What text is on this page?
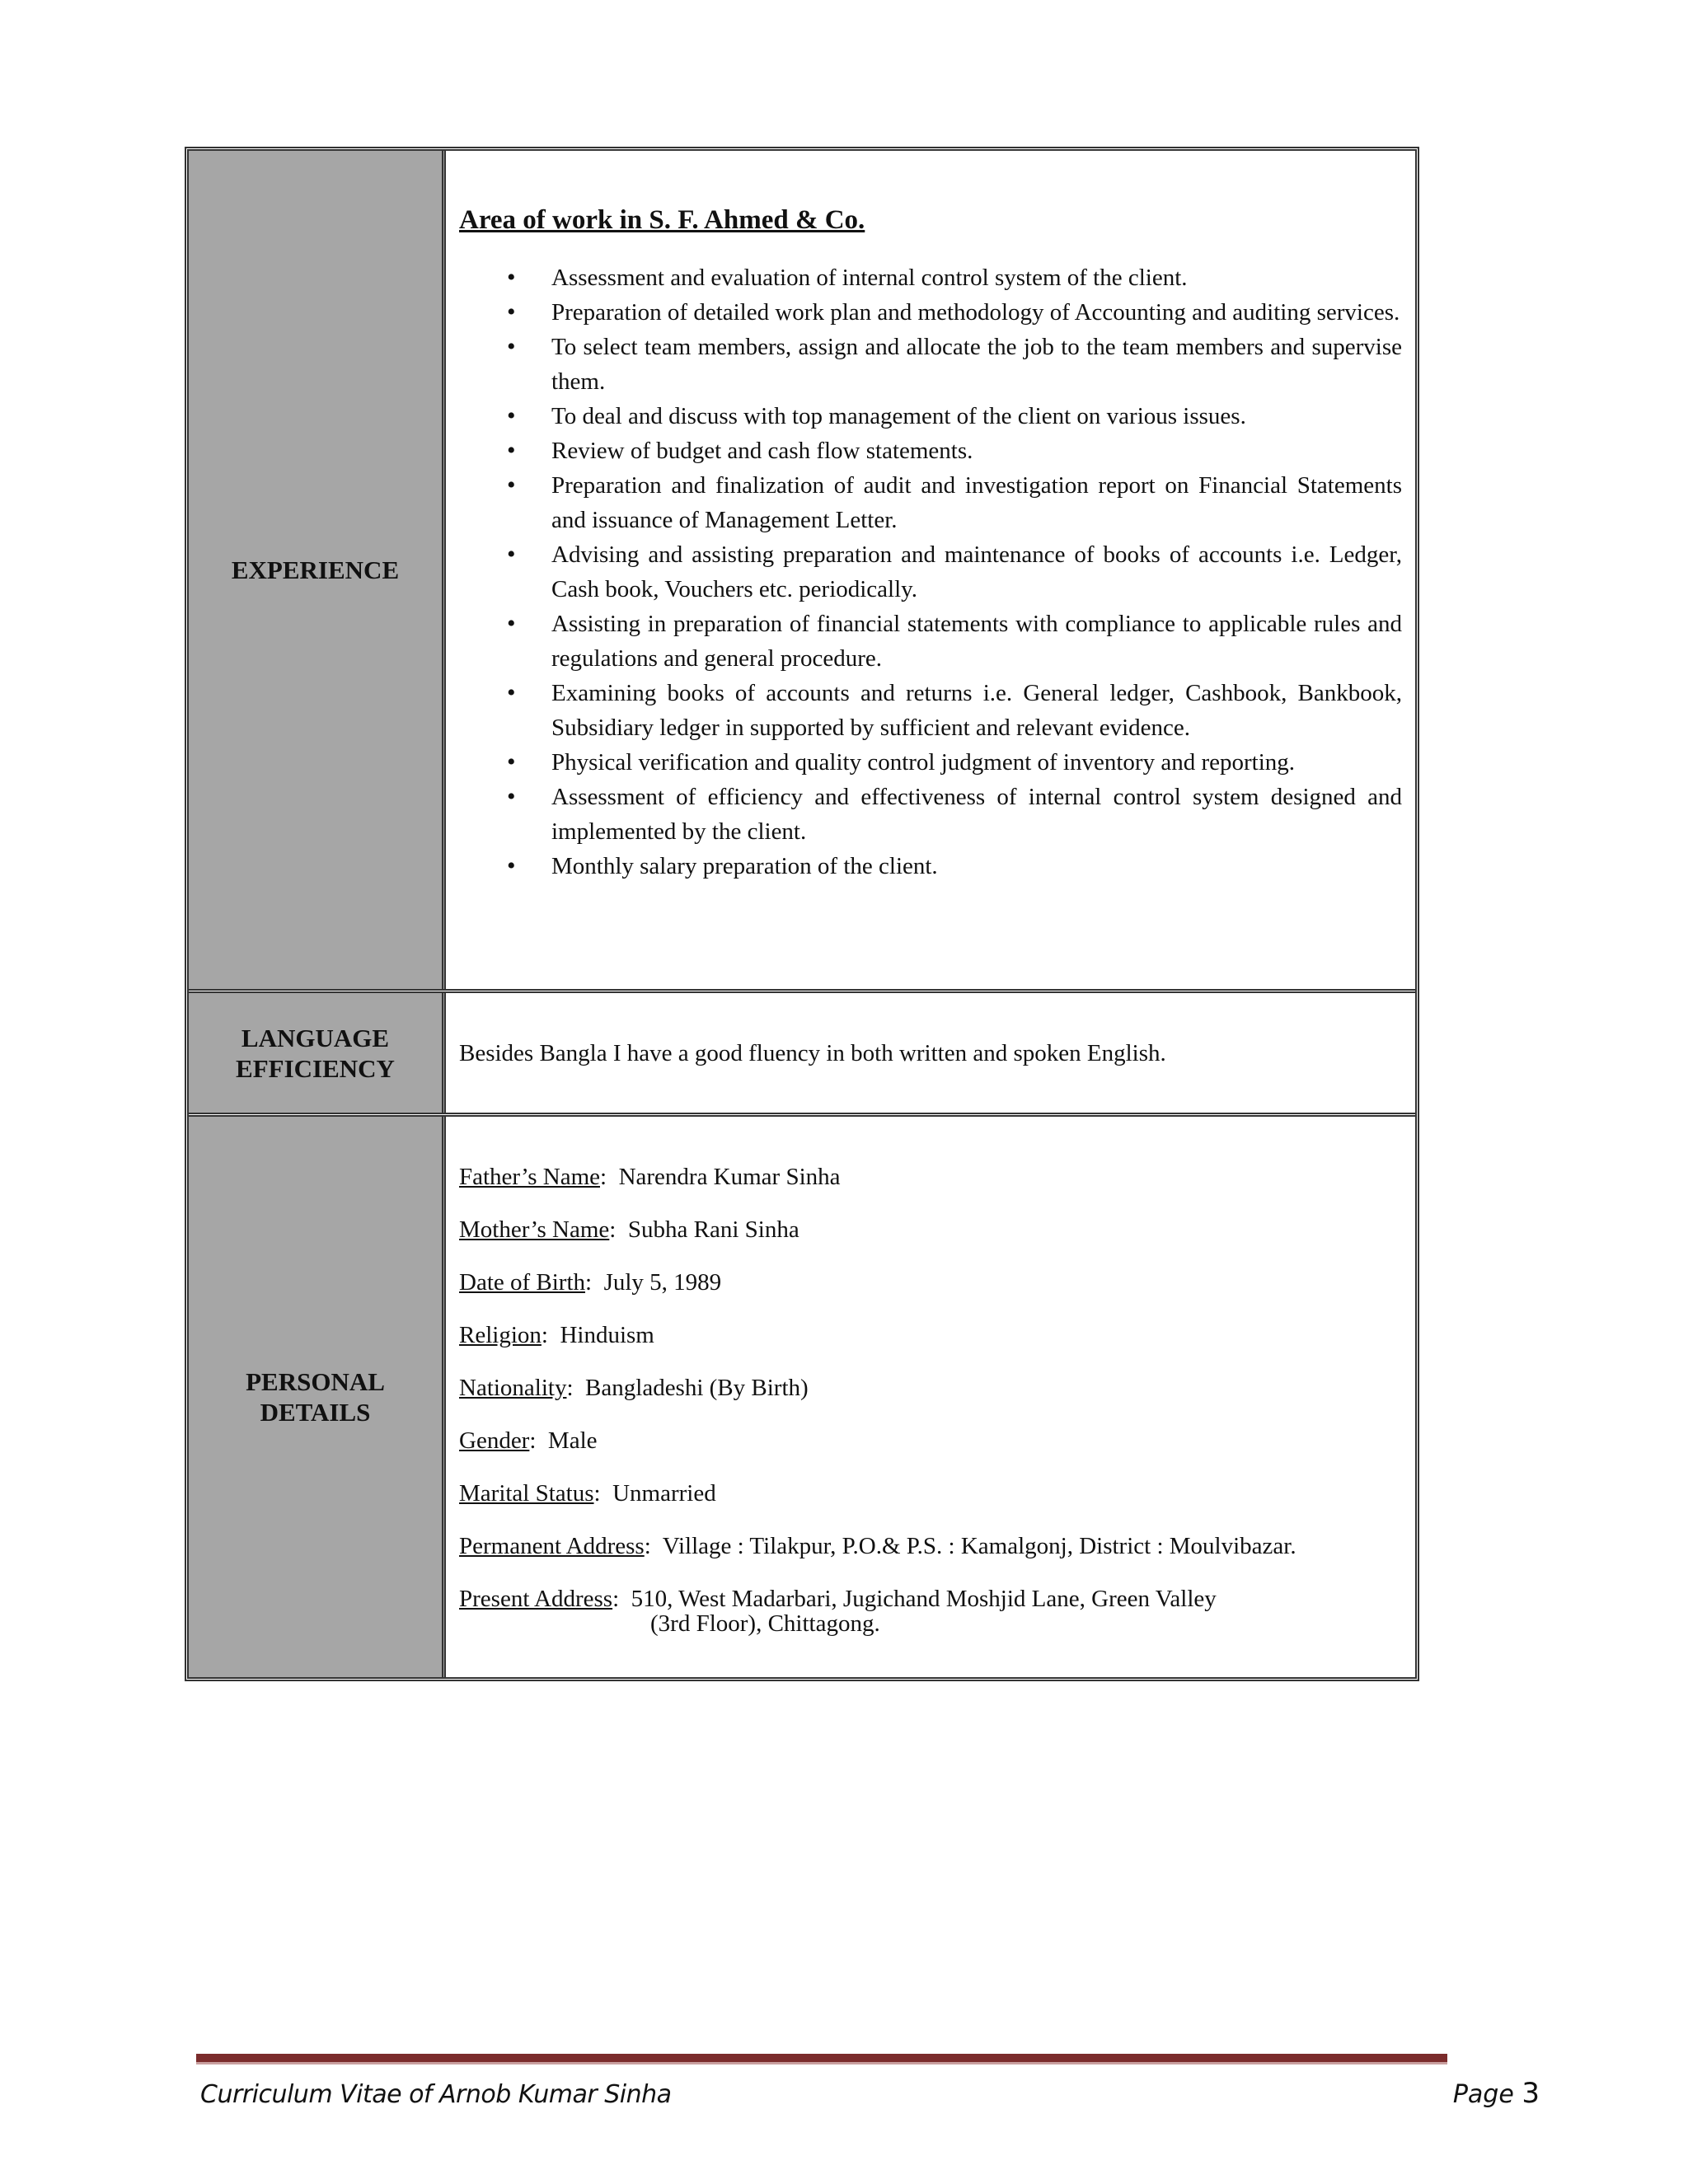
EXPERIENCE
Area of work in S. F. Ahmed & Co.
• Assessment and evaluation of internal control system of the client.
• Preparation of detailed work plan and methodology of Accounting and auditing services.
• To select team members, assign and allocate the job to the team members and supervise them.
• To deal and discuss with top management of the client on various issues.
• Review of budget and cash flow statements.
• Preparation and finalization of audit and investigation report on Financial Statements and issuance of Management Letter.
• Advising and assisting preparation and maintenance of books of accounts i.e. Ledger, Cash book, Vouchers etc. periodically.
• Assisting in preparation of financial statements with compliance to applicable rules and regulations and general procedure.
• Examining books of accounts and returns i.e. General ledger, Cashbook, Bankbook, Subsidiary ledger in supported by sufficient and relevant evidence.
• Physical verification and quality control judgment of inventory and reporting.
• Assessment of efficiency and effectiveness of internal control system designed and implemented by the client.
• Monthly salary preparation of the client.
LANGUAGE
EFFICIENCY
Besides Bangla I have a good fluency in both written and spoken English.
PERSONAL
DETAILS
Father’s Name: Narendra Kumar Sinha
Mother’s Name: Subha Rani Sinha
Date of Birth: July 5, 1989
Religion: Hinduism
Nationality: Bangladeshi (By Birth)
Gender: Male
Marital Status: Unmarried
Permanent Address: Village : Tilakpur, P.O.& P.S. : Kamalgonj, District : Moulvibazar.
Present Address: 510, West Madarbari, Jugichand Moshjid Lane, Green Valley
(3rd Floor), Chittagong.
Curriculum Vitae of Arnob Kumar Sinha	Page 3
